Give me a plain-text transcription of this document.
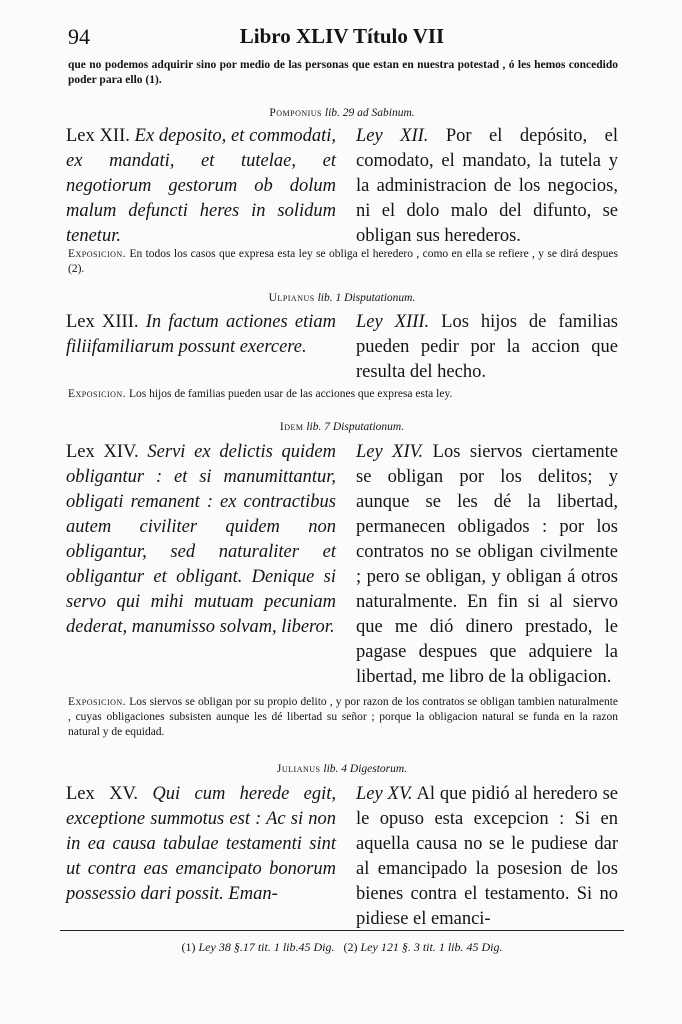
94	Libro XLIV Título VII
que no podemos adquirir sino por medio de las personas que estan en nuestra potestad , ó les hemos concedido poder para ello (1).
Pomponius lib. 29 ad Sabinum.
Lex XII. Ex deposito, et commodati, ex mandati, et tutelae, et negotiorum gestorum ob dolum malum defuncti heres in solidum tenetur.
Ley XII. Por el depósito, el comodato, el mandato, la tutela y la administracion de los negocios, ni el dolo malo del difunto, se obligan sus herederos.
Exposicion. En todos los casos que expresa esta ley se obliga el heredero , como en ella se refiere , y se dirá despues (2).
Ulpianus lib. 1 Disputationum.
Lex XIII. In factum actiones etiam filiifamiliarum possunt exercere.
Ley XIII. Los hijos de familias pueden pedir por la accion que resulta del hecho.
Exposicion. Los hijos de familias pueden usar de las acciones que expresa esta ley.
Idem lib. 7 Disputationum.
Lex XIV. Servi ex delictis quidem obligantur : et si manumittantur, obligati remanent : ex contractibus autem civiliter quidem non obligantur, sed naturaliter et obligantur et obligant. Denique si servo qui mihi mutuam pecuniam dederat, manumisso solvam, liberor.
Ley XIV. Los siervos ciertamente se obligan por los delitos; y aunque se les dé la libertad, permanecen obligados : por los contratos no se obligan civilmente ; pero se obligan, y obligan á otros naturalmente. En fin si al siervo que me dió dinero prestado, le pagase despues que adquiere la libertad, me libro de la obligacion.
Exposicion. Los siervos se obligan por su propio delito , y por razon de los contratos se obligan tambien naturalmente , cuyas obligaciones subsisten aunque les dé libertad su señor ; porque la obligacion natural se funda en la razon natural y de equidad.
Julianus lib. 4 Digestorum.
Lex XV. Qui cum herede egit, exceptione summotus est : Ac si non in ea causa tabulae testamenti sint ut contra eas emancipato bonorum possessio dari possit. Eman-
Ley XV. Al que pidió al heredero se le opuso esta excepcion : Si en aquella causa no se le pudiese dar al emancipado la posesion de los bienes contra el testamento. Si no pidiese el emanci-
(1) Ley 38 §.17 tit. 1 lib.45 Dig. (2) Ley 121 §. 3 tit. 1 lib. 45 Dig.
